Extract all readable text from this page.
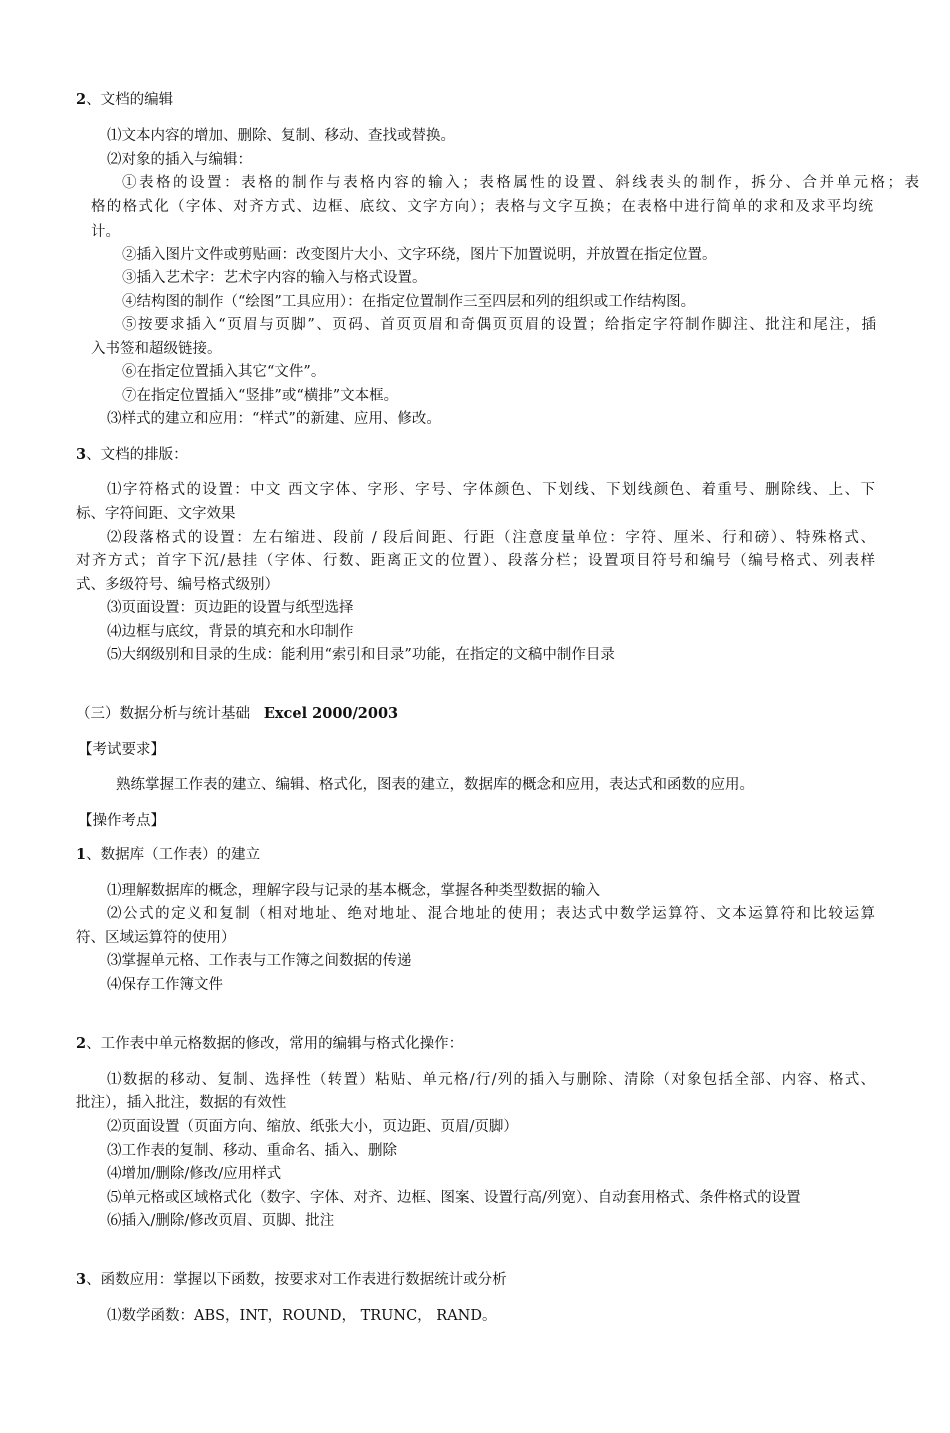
2、文档的编辑
⑴文本内容的增加、删除、复制、移动、查找或替换。
⑵对象的插入与编辑：
①表格的设置：表格的制作与表格内容的输入；表格属性的设置、斜线表头的制作，拆分、合并单元格；表
格的格式化（字体、对齐方式、边框、底纹、文字方向）；表格与文字互换；在表格中进行简单的求和及求平均统
计。
②插入图片文件或剪贴画：改变图片大小、文字环绕，图片下加置说明，并放置在指定位置。
③插入艺术字：艺术字内容的输入与格式设置。
④结构图的制作（“绘图”工具应用）：在指定位置制作三至四层和列的组织或工作结构图。
⑤按要求插入“页眉与页脚”、页码、首页页眉和奇偶页页眉的设置；给指定字符制作脚注、批注和尾注，插
入书签和超级链接。
⑥在指定位置插入其它“文件”。
⑦在指定位置插入“竖排”或“横排”文本框。
⑶样式的建立和应用：“样式”的新建、应用、修改。
3、文档的排版：
⑴字符格式的设置：中文 西文字体、字形、字号、字体颜色、下划线、下划线颜色、着重号、删除线、上、下
标、字符间距、文字效果
⑵段落格式的设置：左右缩进、段前 / 段后间距、行距（注意度量单位：字符、厘米、行和磅）、特殊格式、
对齐方式；首字下沉/悬挂（字体、行数、距离正文的位置）、段落分栏；设置项目符号和编号（编号格式、列表样
式、多级符号、编号格式级别）
⑶页面设置：页边距的设置与纸型选择
⑷边框与底纹，背景的填充和水印制作
⑸大纲级别和目录的生成：能利用“索引和目录”功能，在指定的文稿中制作目录
（三）数据分析与统计基础   Excel 2000/2003
【考试要求】
熟练掌握工作表的建立、编辑、格式化，图表的建立，数据库的概念和应用，表达式和函数的应用。
【操作考点】
1、数据库（工作表）的建立
⑴理解数据库的概念，理解字段与记录的基本概念，掌握各种类型数据的输入
⑵公式的定义和复制（相对地址、绝对地址、混合地址的使用；表达式中数学运算符、文本运算符和比较运算
符、区域运算符的使用）
⑶掌握单元格、工作表与工作簿之间数据的传递
⑷保存工作簿文件
2、工作表中单元格数据的修改，常用的编辑与格式化操作：
⑴数据的移动、复制、选择性（转置）粘贴、单元格/行/列的插入与删除、清除（对象包括全部、内容、格式、
批注），插入批注，数据的有效性
⑵页面设置（页面方向、缩放、纸张大小，页边距、页眉/页脚）
⑶工作表的复制、移动、重命名、插入、删除
⑷增加/删除/修改/应用样式
⑸单元格或区域格式化（数字、字体、对齐、边框、图案、设置行高/列宽）、自动套用格式、条件格式的设置
⑹插入/删除/修改页眉、页脚、批注
3、函数应用：掌握以下函数，按要求对工作表进行数据统计或分析
⑴数学函数：ABS，INT，ROUND， TRUNC， RAND。
